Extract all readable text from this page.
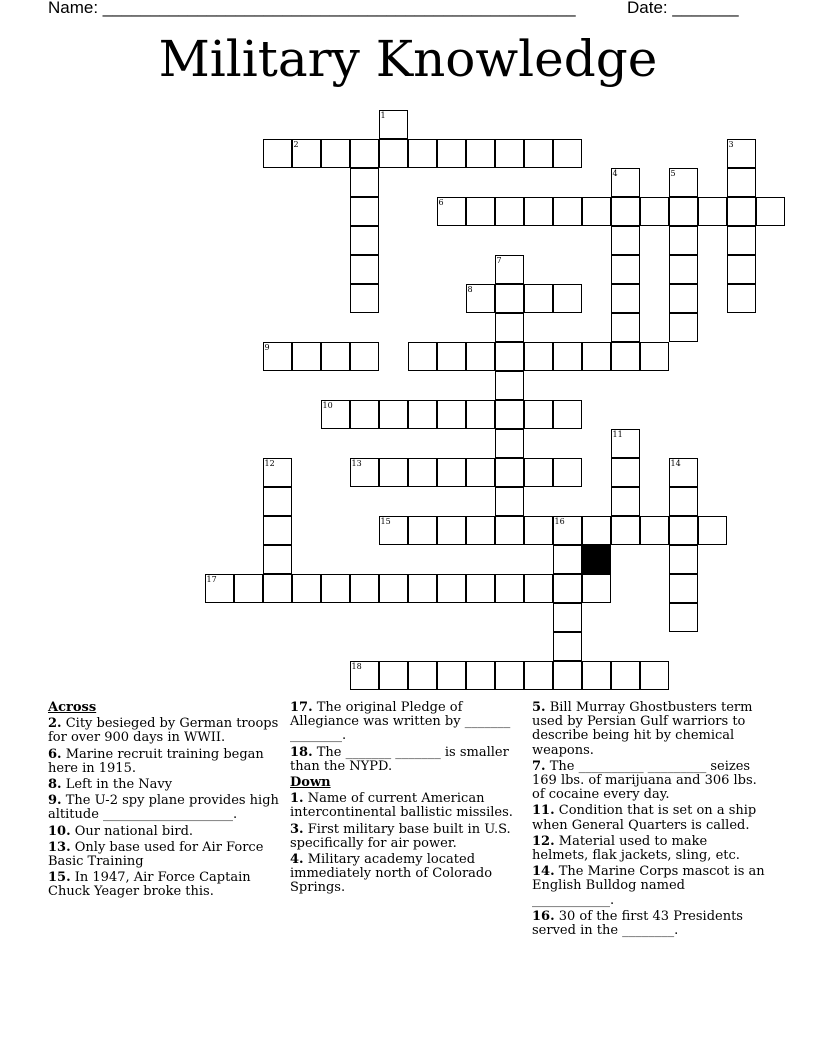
Name: __________________________________________________	Date: _______
Military Knowledge
1
2	3
4	5
6
7
8
9
10
11
12	14
13
15	16
17
18
Across
2. City besieged by German troops for over 900 days in WWII.
6. Marine recruit training began here in 1915.
8. Left in the Navy
9. The U-2 spy plane provides high altitude ____________________.
10. Our national bird.
13. Only base used for Air Force Basic Training
15. In 1947, Air Force Captain Chuck Yeager broke this.
17. The original Pledge of Allegiance was written by _______ ________.
18. The _______ _______ is smaller than the NYPD.
Down
1. Name of current American intercontinental ballistic missiles.
3. First military base built in U.S. specifically for air power.
4. Military academy located immediately north of Colorado Springs.
5. Bill Murray Ghostbusters term used by Persian Gulf warriors to describe being hit by chemical weapons.
7. The __________ _________ seizes 169 lbs. of marijuana and 306 lbs. of cocaine every day.
11. Condition that is set on a ship when General Quarters is called.
12. Material used to make helmets, flak jackets, sling, etc.
14. The Marine Corps mascot is an English Bulldog named ____________.
16. 30 of the first 43 Presidents served in the ________.
